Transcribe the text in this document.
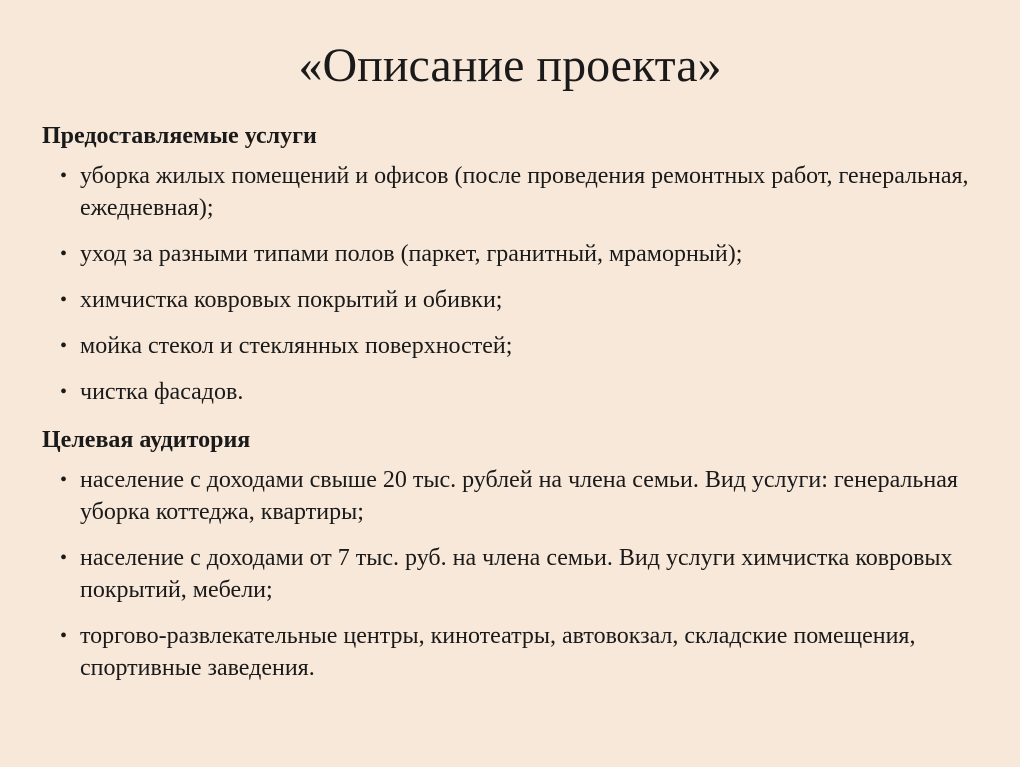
«Описание проекта»
Предоставляемые услуги
• уборка жилых помещений и офисов (после проведения ремонтных работ, генеральная, ежедневная);
• уход за разными типами полов (паркет, гранитный, мраморный);
• химчистка ковровых покрытий и обивки;
• мойка стекол и стеклянных поверхностей;
• чистка фасадов.
Целевая аудитория
• население с доходами свыше 20 тыс. рублей на члена семьи. Вид услуги: генеральная уборка коттеджа, квартиры;
• население с доходами от 7 тыс. руб. на члена семьи. Вид услуги химчистка ковровых покрытий, мебели;
• торгово-развлекательные центры, кинотеатры, автовокзал, складские помещения, спортивные заведения.
